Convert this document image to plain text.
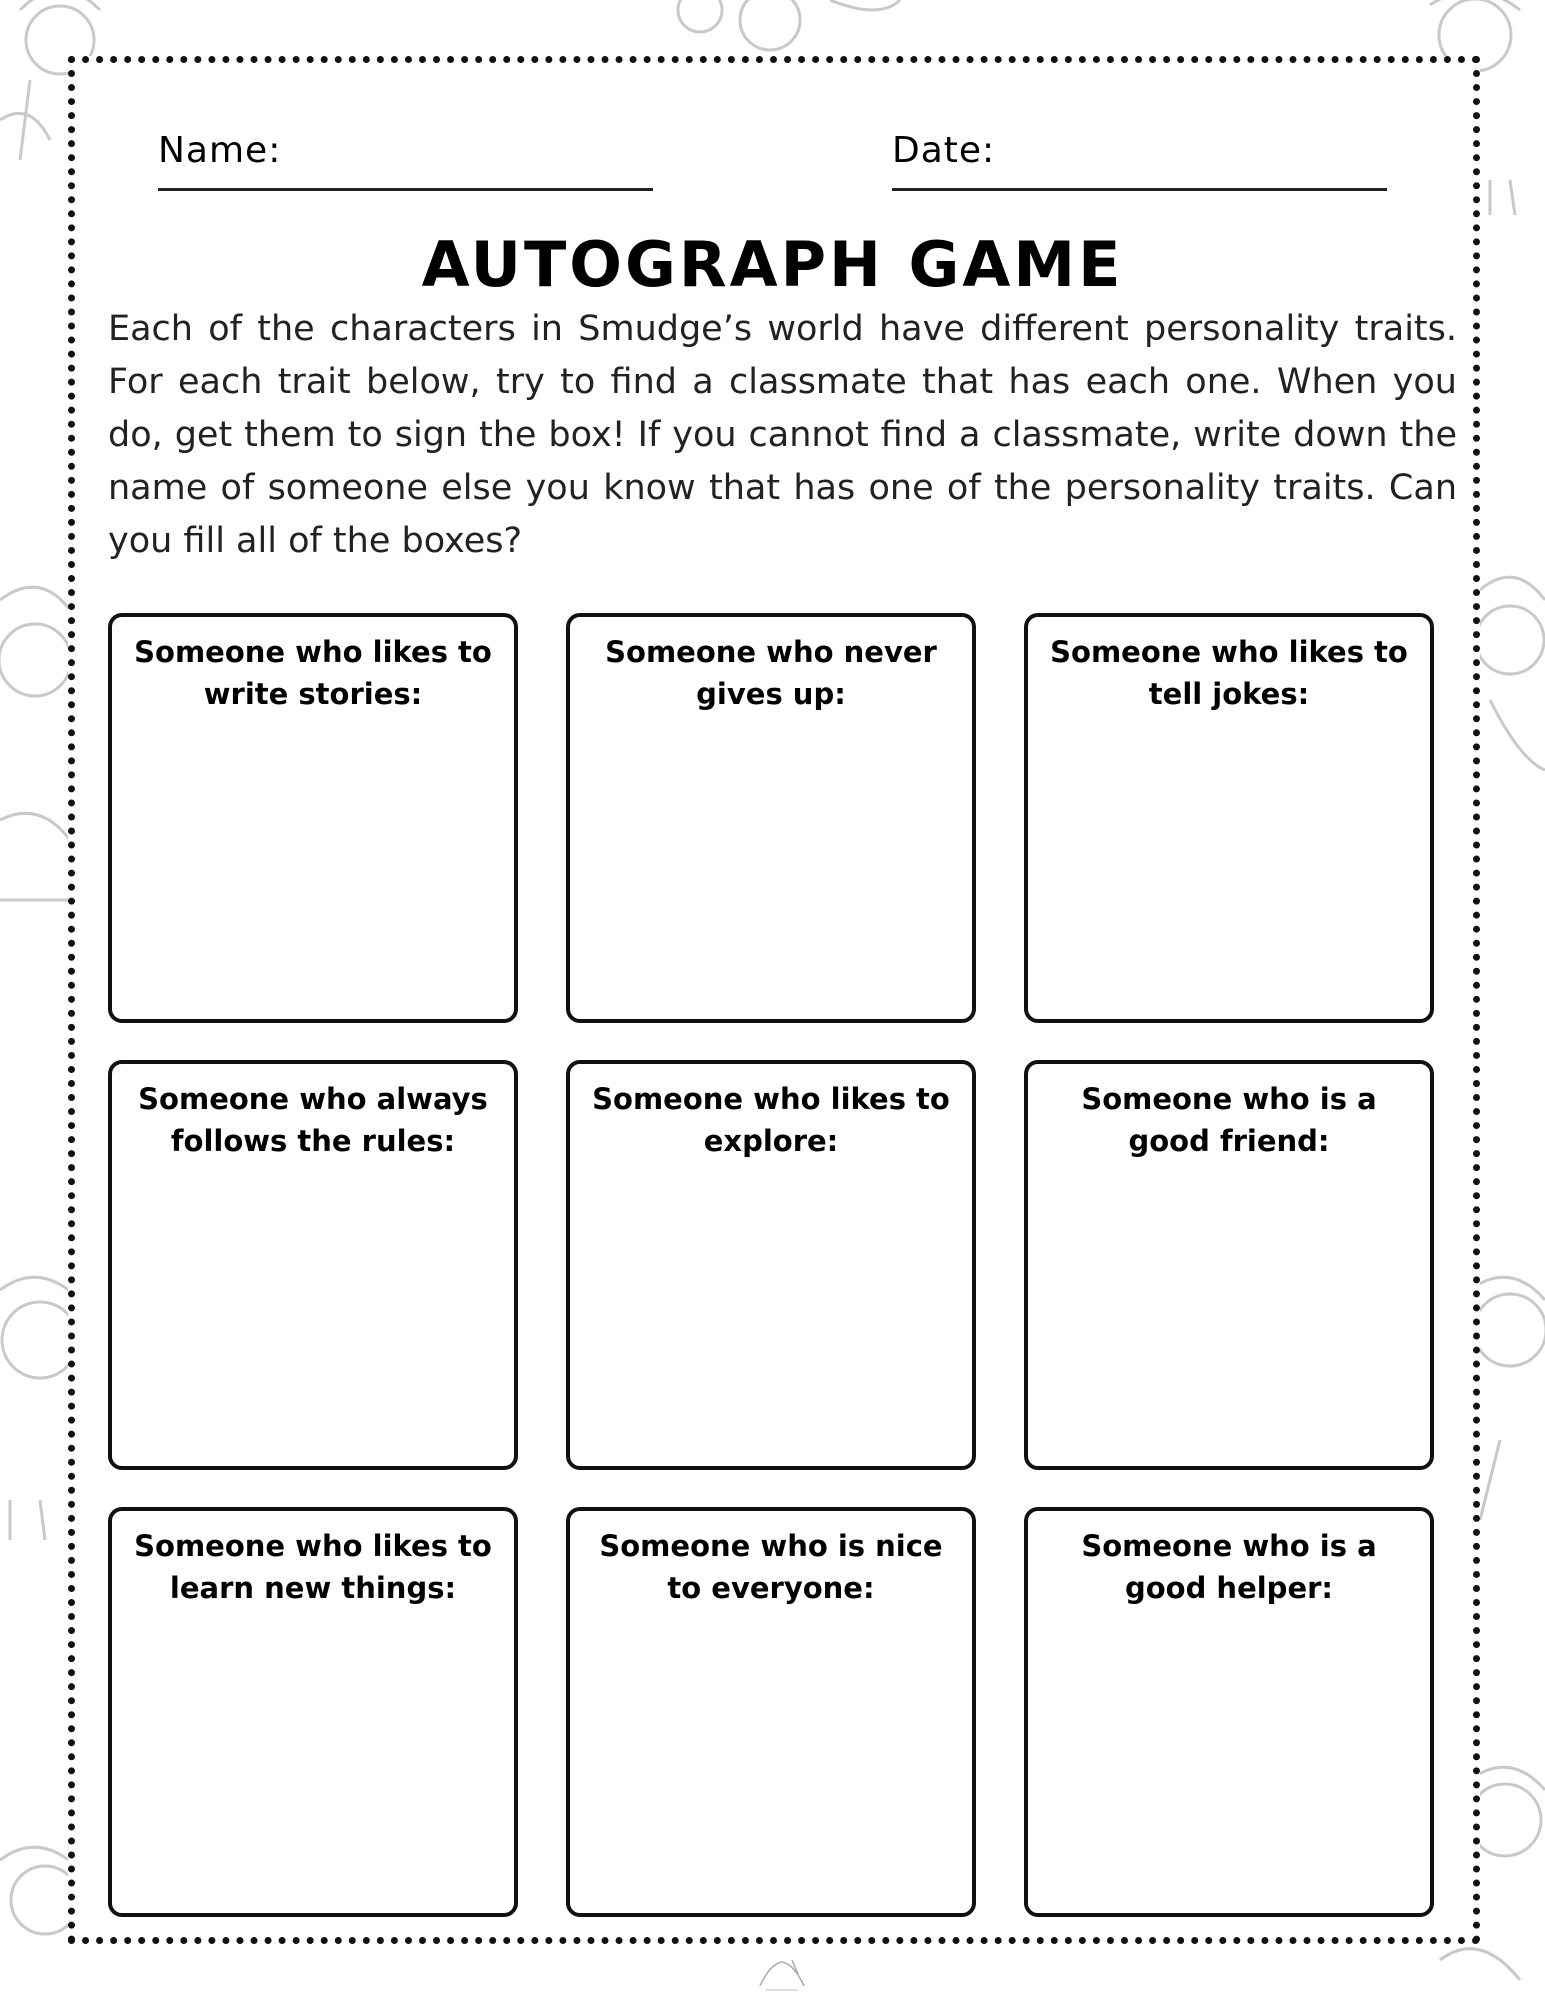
Name:	Date:
AUTOGRAPH GAME

Each of the characters in Smudge’s world have different personality traits. For each trait below, try to find a classmate that has each one. When you do, get them to sign the box! If you cannot find a classmate, write down the name of someone else you know that has one of the personality traits. Can you fill all of the boxes?

Someone who likes to write stories:
Someone who never gives up:
Someone who likes to tell jokes:
Someone who always follows the rules:
Someone who likes to explore:
Someone who is a good friend:
Someone who likes to learn new things:
Someone who is nice to everyone:
Someone who is a good helper:
